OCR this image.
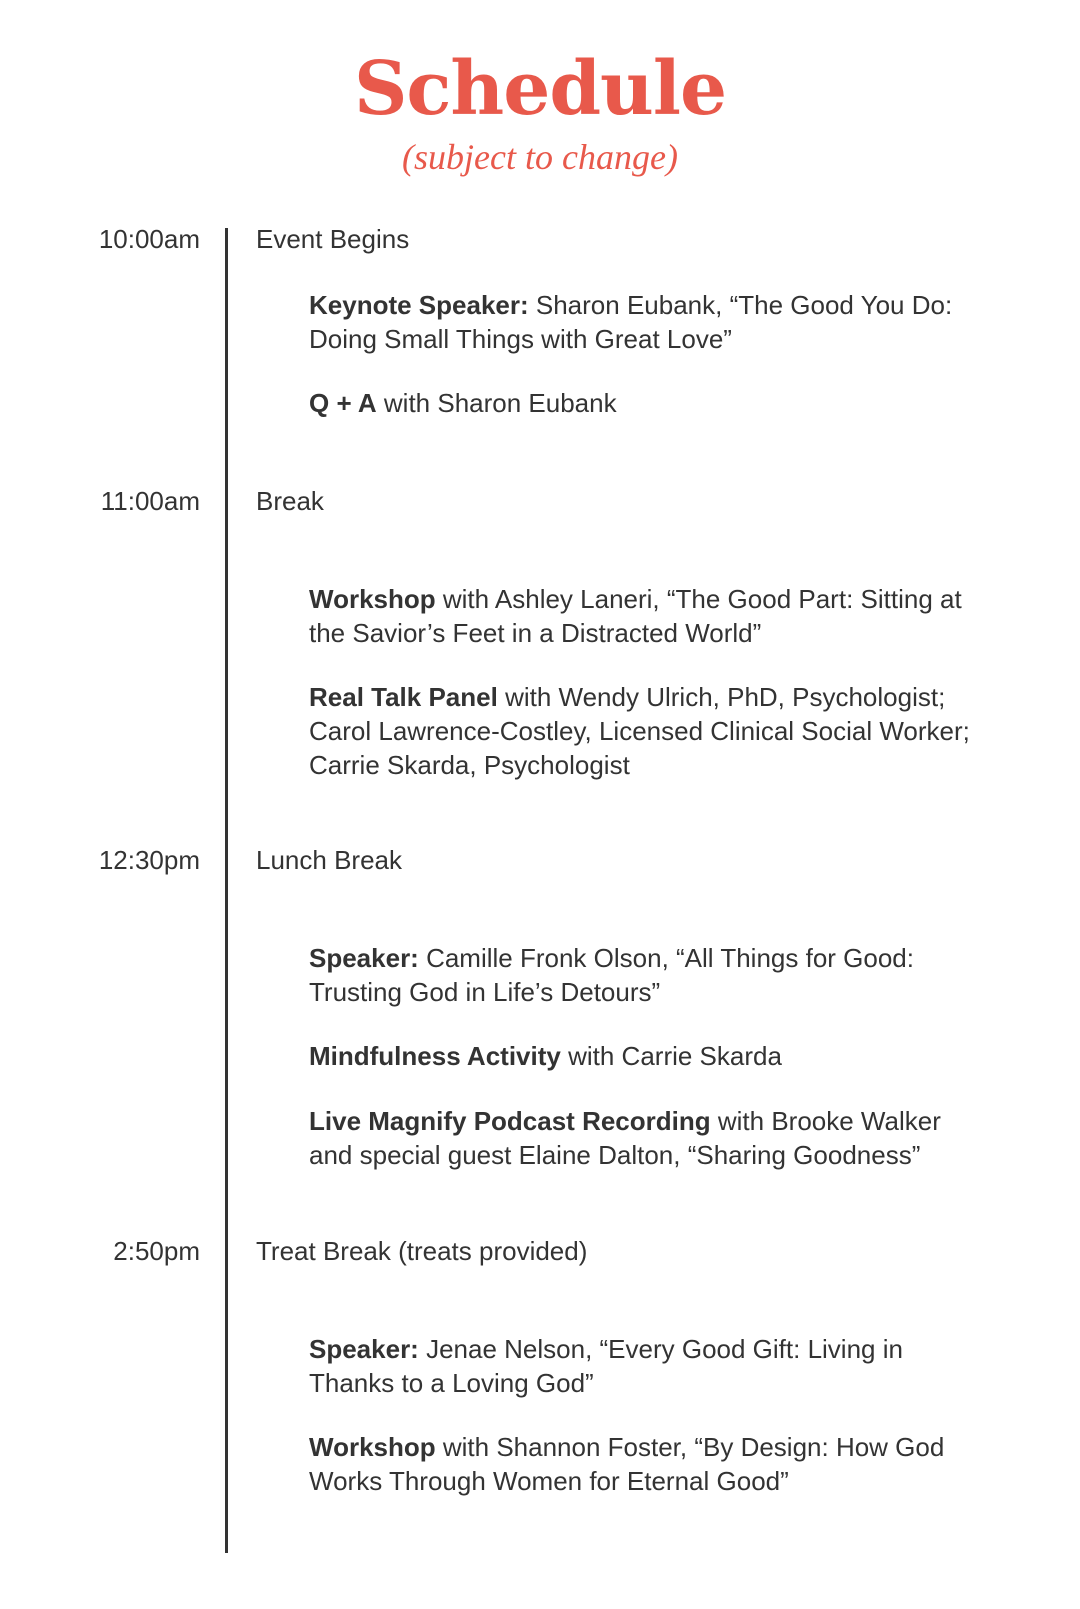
Schedule

(subject to change)

10:00am Event Begins
Keynote Speaker: Sharon Eubank, “The Good You Do: Doing Small Things with Great Love”
Q + A with Sharon Eubank
11:00am Break
Workshop with Ashley Laneri, “The Good Part: Sitting at the Savior’s Feet in a Distracted World”
Real Talk Panel with Wendy Ulrich, PhD, Psychologist; Carol Lawrence-Costley, Licensed Clinical Social Worker; Carrie Skarda, Psychologist
12:30pm Lunch Break
Speaker: Camille Fronk Olson, “All Things for Good: Trusting God in Life’s Detours”
Mindfulness Activity with Carrie Skarda
Live Magnify Podcast Recording with Brooke Walker and special guest Elaine Dalton, “Sharing Goodness”
2:50pm Treat Break (treats provided)
Speaker: Jenae Nelson, “Every Good Gift: Living in Thanks to a Loving God”
Workshop with Shannon Foster, “By Design: How God Works Through Women for Eternal Good”
